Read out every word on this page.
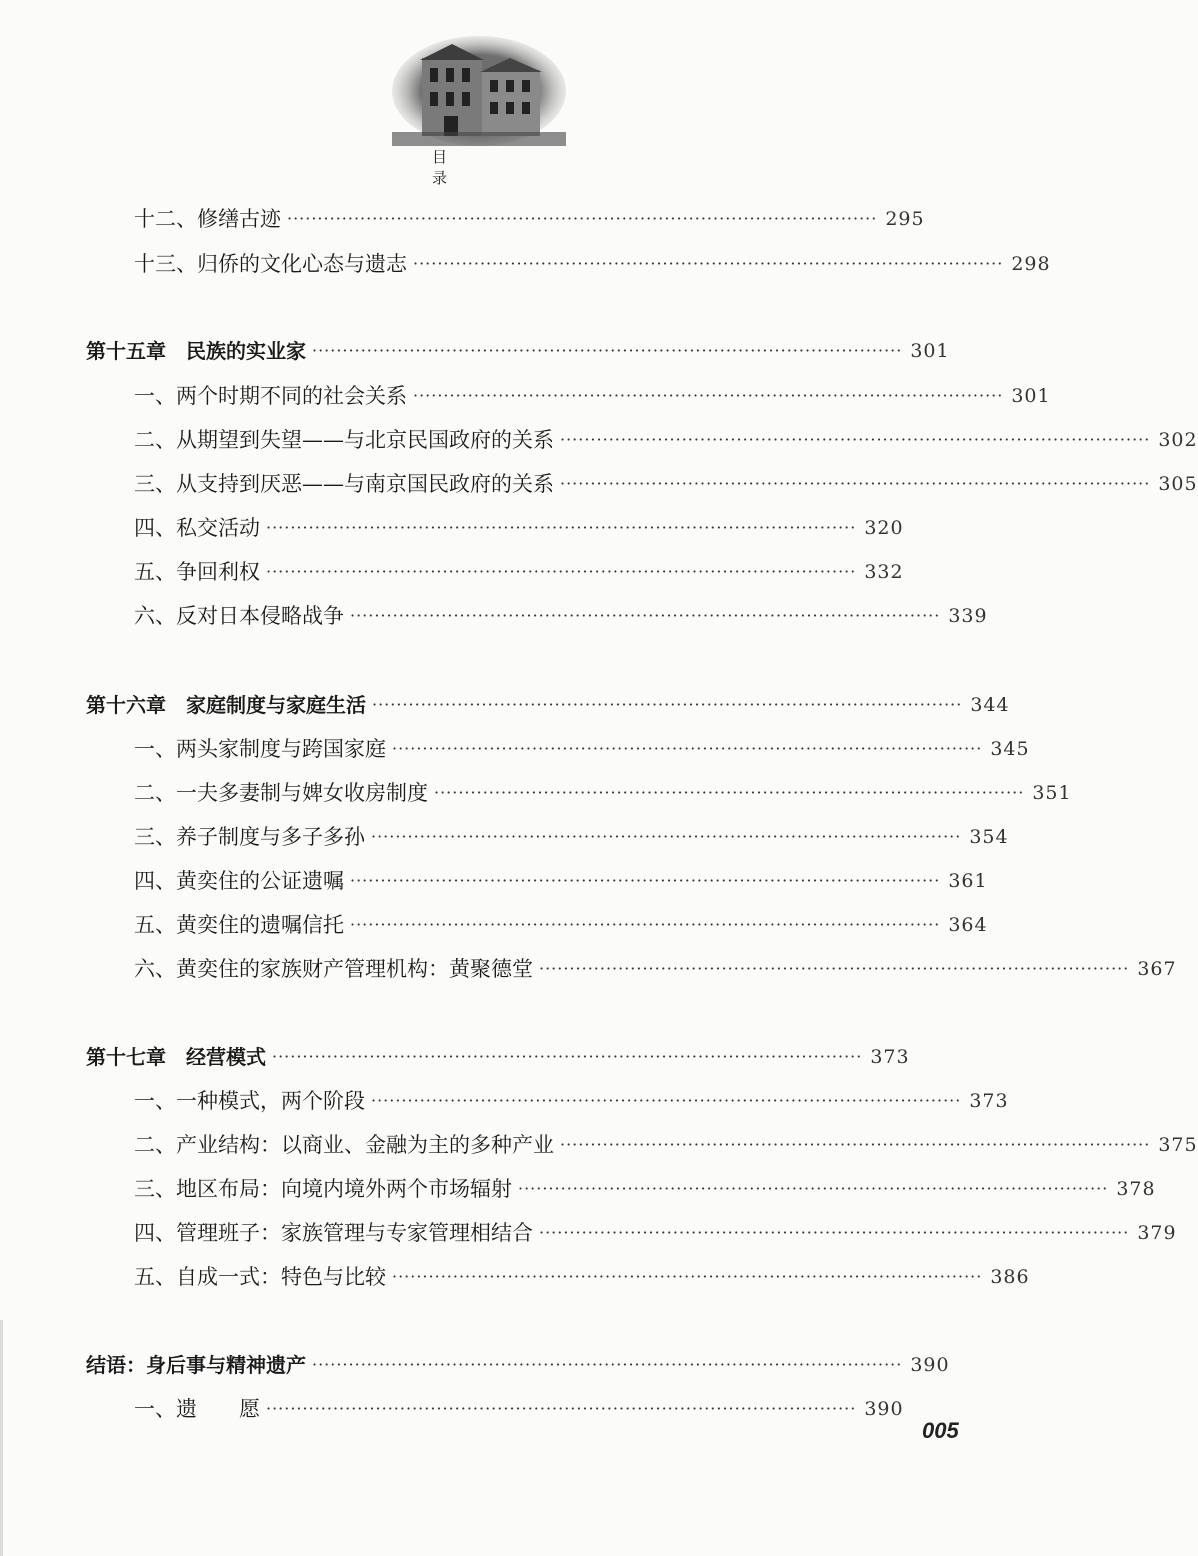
目录
十二、修缮古迹 ································································································· 295
十三、归侨的文化心态与遗志 ································································································· 298
第十五章　民族的实业家 ································································································· 301
一、两个时期不同的社会关系 ································································································· 301
二、从期望到失望——与北京民国政府的关系 ································································································· 302
三、从支持到厌恶——与南京国民政府的关系 ································································································· 305
四、私交活动 ································································································· 320
五、争回利权 ································································································· 332
六、反对日本侵略战争 ································································································· 339
第十六章　家庭制度与家庭生活 ································································································· 344
一、两头家制度与跨国家庭 ································································································· 345
二、一夫多妻制与婢女收房制度 ································································································· 351
三、养子制度与多子多孙 ································································································· 354
四、黄奕住的公证遗嘱 ································································································· 361
五、黄奕住的遗嘱信托 ································································································· 364
六、黄奕住的家族财产管理机构：黄聚德堂 ································································································· 367
第十七章　经营模式 ································································································· 373
一、一种模式，两个阶段 ································································································· 373
二、产业结构：以商业、金融为主的多种产业 ································································································· 375
三、地区布局：向境内境外两个市场辐射 ································································································· 378
四、管理班子：家族管理与专家管理相结合 ································································································· 379
五、自成一式：特色与比较 ································································································· 386
结语：身后事与精神遗产 ································································································· 390
一、遗　　愿 ································································································· 390
005
